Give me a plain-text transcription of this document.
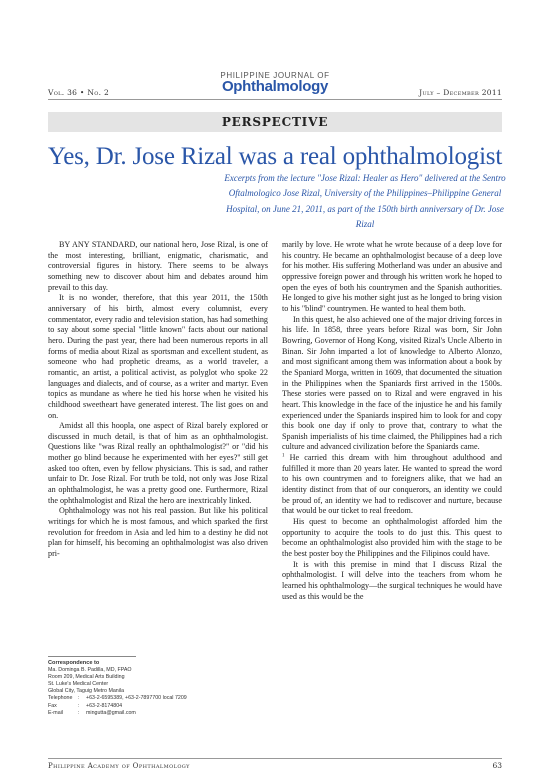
PHILIPPINE JOURNAL OF
Ophthalmology
Vol. 36 • No. 2	July – December 2011
PERSPECTIVE
Yes, Dr. Jose Rizal was a real ophthalmologist
Excerpts from the lecture "Jose Rizal: Healer as Hero" delivered at the Sentro Oftalmologico Jose Rizal, University of the Philippines–Philippine General Hospital, on June 21, 2011, as part of the 150th birth anniversary of Dr. Jose Rizal

BY ANY STANDARD, our national hero, Jose Rizal, is one of the most interesting, brilliant, enigmatic, charismatic, and controversial figures in history. There seems to be always something new to discover about him and debates around him prevail to this day.

It is no wonder, therefore, that this year 2011, the 150th anniversary of his birth, almost every columnist, every commentator, every radio and television station, has had something to say about some special "little known" facts about our national hero. During the past year, there had been numerous reports in all forms of media about Rizal as sportsman and excellent student, as someone who had prophetic dreams, as a world traveler, a romantic, an artist, a political activist, as polyglot who spoke 22 languages and dialects, and of course, as a writer and martyr. Even topics as mundane as where he tied his horse when he visited his childhood sweetheart have generated interest. The list goes on and on.

Amidst all this hoopla, one aspect of Rizal barely explored or discussed in much detail, is that of him as an ophthalmologist. Questions like "was Rizal really an ophthalmologist?" or "did his mother go blind because he experimented with her eyes?" still get asked too often, even by fellow physicians. This is sad, and rather unfair to Dr. Jose Rizal. For truth be told, not only was Jose Rizal an ophthalmologist, he was a pretty good one. Furthermore, Rizal the ophthalmologist and Rizal the hero are inextricably linked.

Ophthalmology was not his real passion. But like his political writings for which he is most famous, and which sparked the first revolution for freedom in Asia and led him to a destiny he did not plan for himself, his becoming an ophthalmologist was also driven pri-

marily by love. He wrote what he wrote because of a deep love for his country. He became an ophthalmologist because of a deep love for his mother. His suffering Motherland was under an abusive and oppressive foreign power and through his written work he hoped to open the eyes of both his countrymen and the Spanish authorities. He longed to give his mother sight just as he longed to bring vision to his "blind" countrymen. He wanted to heal them both.

In this quest, he also achieved one of the major driving forces in his life. In 1858, three years before Rizal was born, Sir John Bowring, Governor of Hong Kong, visited Rizal's Uncle Alberto in Binan. Sir John imparted a lot of knowledge to Alberto Alonzo, and most significant among them was information about a book by the Spaniard Morga, written in 1609, that documented the situation in the Philippines when the Spaniards first arrived in the 1500s. These stories were passed on to Rizal and were engraved in his heart. This knowledge in the face of the injustice he and his family experienced under the Spaniards inspired him to look for and copy this book one day if only to prove that, contrary to what the Spanish imperialists of his time claimed, the Philippines had a rich culture and advanced civilization before the Spaniards came.

$^1$ He carried this dream with him throughout adulthood and fulfilled it more than 20 years later. He wanted to spread the word to his own countrymen and to foreigners alike, that we had an identity distinct from that of our conquerors, an identity we could be proud of, an identity we had to rediscover and nurture, because that would be our ticket to real freedom.

His quest to become an ophthalmologist afforded him the opportunity to acquire the tools to do just this. This quest to become an ophthalmologist also provided him with the stage to be the best poster boy the Philippines and the Filipinos could have.

It is with this premise in mind that I discuss Rizal the ophthalmologist. I will delve into the teachers from whom he learned his ophthalmology—the surgical techniques he would have used as this would be the

Correspondence to
Ma. Dominga B. Padilla, MD, FPAO
Room 209, Medical Arts Building
St. Luke's Medical Center
Global City, Taguig Metro Manila
Telephone	:	+63-2-6595389, +63-2-7897700 local 7209
Fax	:	+63-2-8174804
E-mail	:	mingutta@gmail.com
Philippine Academy of Ophthalmology	63
